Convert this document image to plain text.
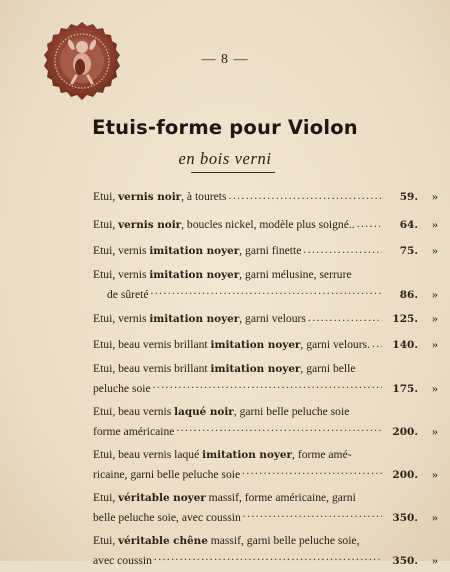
— 8 —
Etuis-forme pour Violon
en bois verni
Etui, vernis noir, à tourets .....	59.	»
Etui, vernis noir, boucles nickel, modèle plus soigné.. .....	64.	»
Etui, vernis imitation noyer, garni finette .....	75.	»
Etui, vernis imitation noyer, garni mélusine, serrure
de sûreté .....	86.	»
Etui, vernis imitation noyer, garni velours .....	125.	»
Etui, beau vernis brillant imitation noyer, garni velours. .....	140.	»
Etui, beau vernis brillant imitation noyer, garni belle
peluche soie .....	175.	»
Etui, beau vernis laqué noir, garni belle peluche soie
forme américaine .....	200.	»
Etui, beau vernis laqué imitation noyer, forme amé-
ricaine, garni belle peluche soie .....	200.	»
Etui, véritable noyer massif, forme américaine, garni
belle peluche soie, avec coussin .....	350.	»
Etui, véritable chêne massif, garni belle peluche soie,
avec coussin .....	350.	»
